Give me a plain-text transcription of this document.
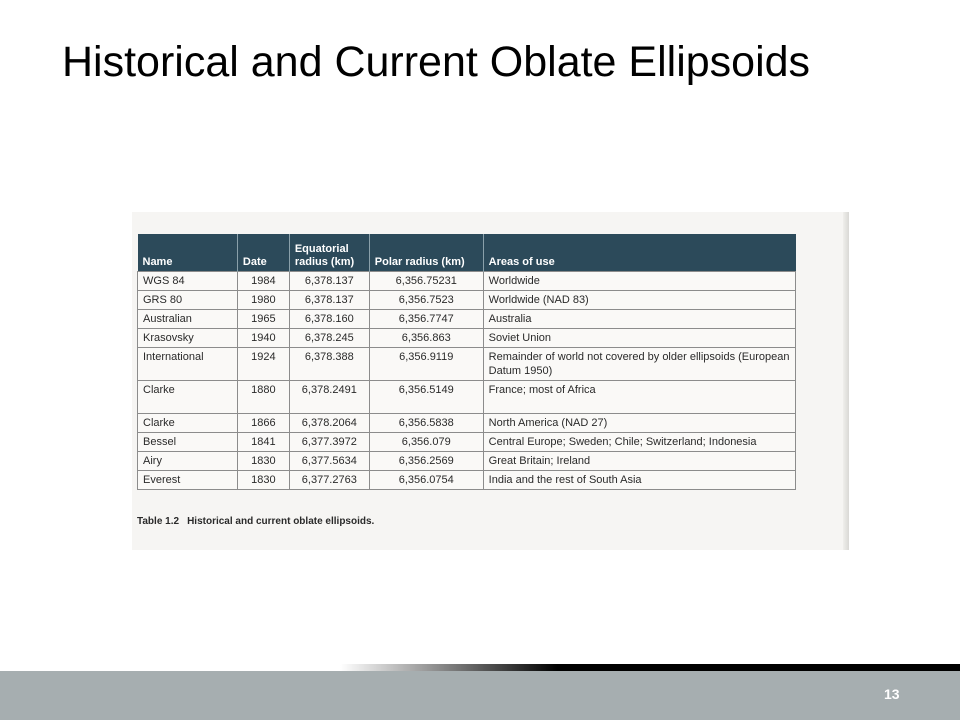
Historical and Current Oblate Ellipsoids
Name	Date	Equatorial radius (km)	Polar radius (km)	Areas of use
WGS 84	1984	6,378.137	6,356.75231	Worldwide
GRS 80	1980	6,378.137	6,356.7523	Worldwide (NAD 83)
Australian	1965	6,378.160	6,356.7747	Australia
Krasovsky	1940	6,378.245	6,356.863	Soviet Union
International	1924	6,378.388	6,356.9119	Remainder of world not covered by older ellipsoids (European Datum 1950)
Clarke	1880	6,378.2491	6,356.5149	France; most of Africa
Clarke	1866	6,378.2064	6,356.5838	North America (NAD 27)
Bessel	1841	6,377.3972	6,356.079	Central Europe; Sweden; Chile; Switzerland; Indonesia
Airy	1830	6,377.5634	6,356.2569	Great Britain; Ireland
Everest	1830	6,377.2763	6,356.0754	India and the rest of South Asia
Table 1.2 Historical and current oblate ellipsoids.
13
